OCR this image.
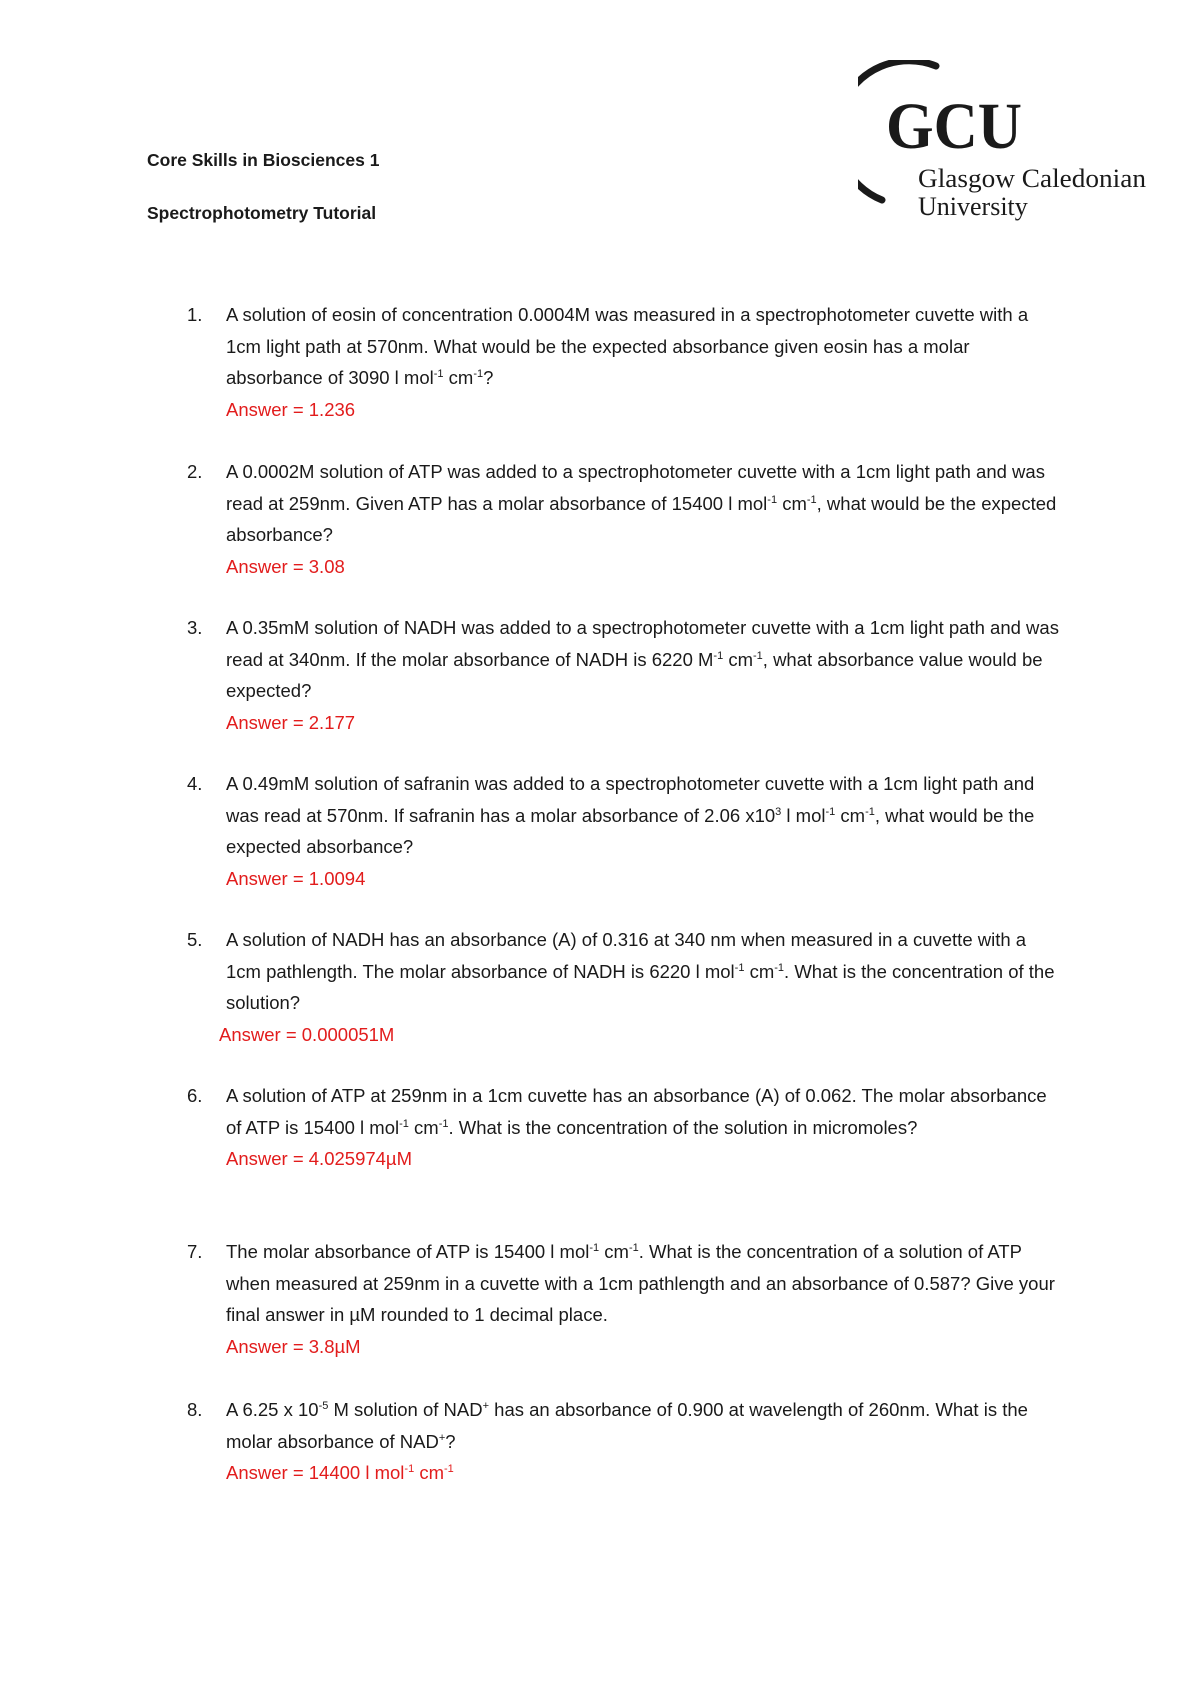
Core Skills in Biosciences 1
Spectrophotometry Tutorial
GCU
Glasgow Caledonian
University
1. A solution of eosin of concentration 0.0004M was measured in a spectrophotometer cuvette with a 1cm light path at 570nm. What would be the expected absorbance given eosin has a molar absorbance of 3090 l mol$^{-1}$ $cm^{-1}$?
Answer = 1.236
2. A 0.0002M solution of ATP was added to a spectrophotometer cuvette with a 1cm light path and was read at 259nm. Given ATP has a molar absorbance of 15400 l mol$^{-1}$ $cm^{-1}$, what would be the expected absorbance?
Answer = 3.08
3. A 0.35mM solution of NADH was added to a spectrophotometer cuvette with a 1cm light path and was read at 340nm. If the molar absorbance of NADH is 6220 $M^{-1}$ $cm^{-1}$, what absorbance value would be expected?
Answer = 2.177
4. A 0.49mM solution of safranin was added to a spectrophotometer cuvette with a 1cm light path and was read at 570nm. If safranin has a molar absorbance of 2.06 $x10^3$ l mol$^{-1}$ $cm^{-1}$, what would be the expected absorbance?
Answer = 1.0094
5. A solution of NADH has an absorbance (A) of 0.316 at 340 nm when measured in a cuvette with a 1cm pathlength. The molar absorbance of NADH is 6220 l mol$^{-1}$ $cm^{-1}$. What is the concentration of the solution?
Answer = 0.000051M
6. A solution of ATP at 259nm in a 1cm cuvette has an absorbance (A) of 0.062. The molar absorbance of ATP is 15400 l mol$^{-1}$ $cm^{-1}$. What is the concentration of the solution in micromoles?
Answer = 4.025974µM
7. The molar absorbance of ATP is 15400 l mol$^{-1}$ $cm^{-1}$. What is the concentration of a solution of ATP when measured at 259nm in a cuvette with a 1cm pathlength and an absorbance of 0.587? Give your final answer in µM rounded to 1 decimal place.
Answer = 3.8µM
8. A 6.25 x $10^{-5}$ M solution of NAD+ has an absorbance of 0.900 at wavelength of 260nm. What is the molar absorbance of NAD+?
Answer = 14400 l mol$^{-1}$ $cm^{-1}$
